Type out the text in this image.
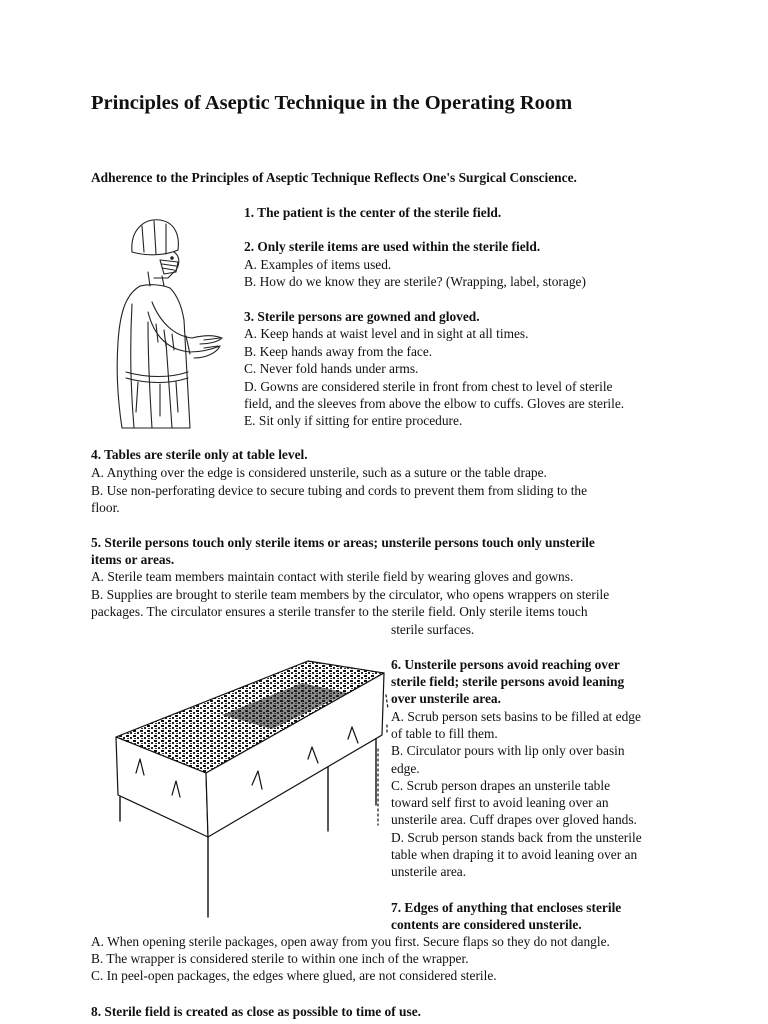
Principles of Aseptic Technique in the Operating Room

Adherence to the Principles of Aseptic Technique Reflects One's Surgical Conscience.

1. The patient is the center of the sterile field.

2. Only sterile items are used within the sterile field.

A. Examples of items used.

B. How do we know they are sterile? (Wrapping, label, storage)

3. Sterile persons are gowned and gloved.

A. Keep hands at waist level and in sight at all times.

B. Keep hands away from the face.

C. Never fold hands under arms.

D. Gowns are considered sterile in front from chest to level of sterile

field, and the sleeves from above the elbow to cuffs. Gloves are sterile.

E. Sit only if sitting for entire procedure.

4. Tables are sterile only at table level.

A. Anything over the edge is considered unsterile, such as a suture or the table drape.

B. Use non-perforating device to secure tubing and cords to prevent them from sliding to the

floor.

5. Sterile persons touch only sterile items or areas; unsterile persons touch only unsterile

items or areas.

A. Sterile team members maintain contact with sterile field by wearing gloves and gowns.

B. Supplies are brought to sterile team members by the circulator, who opens wrappers on sterile

packages. The circulator ensures a sterile transfer to the sterile field. Only sterile items touch

sterile surfaces.

6. Unsterile persons avoid reaching over

sterile field; sterile persons avoid leaning

over unsterile area.

A. Scrub person sets basins to be filled at edge

of table to fill them.

B. Circulator pours with lip only over basin

edge.

C. Scrub person drapes an unsterile table

toward self first to avoid leaning over an

unsterile area. Cuff drapes over gloved hands.

D. Scrub person stands back from the unsterile

table when draping it to avoid leaning over an

unsterile area.

7. Edges of anything that encloses sterile

contents are considered unsterile.

A. When opening sterile packages, open away from you first. Secure flaps so they do not dangle.

B. The wrapper is considered sterile to within one inch of the wrapper.

C. In peel-open packages, the edges where glued, are not considered sterile.

8. Sterile field is created as close as possible to time of use.
